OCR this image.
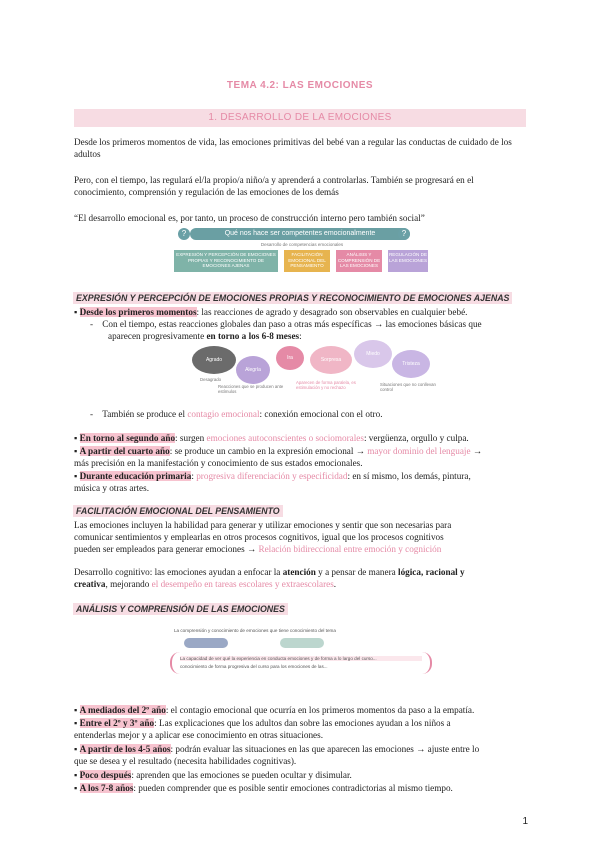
TEMA 4.2: LAS EMOCIONES
1. DESARROLLO DE LA EMOCIONES

Desde los primeros momentos de vida, las emociones primitivas del bebé van a regular las conductas de cuidado de los adultos

Pero, con el tiempo, las regulará el/la propio/a niño/a y aprenderá a controlarlas. También se progresará en el conocimiento, comprensión y regulación de las emociones de los demás

“El desarrollo emocional es, por tanto, un proceso de construcción interno pero también social”

?	Qué nos hace ser competentes emocionalmente	?
Desarrollo de competencias emocionales
EXPRESIÓN Y PERCEPCIÓN DE EMOCIONES PROPIAS Y RECONOCIMIENTO DE EMOCIONES AJENAS
FACILITACIÓN EMOCIONAL DEL PENSAMIENTO
ANÁLISIS Y COMPRENSIÓN DE LAS EMOCIONES
REGULACIÓN DE LAS EMOCIONES
EXPRESIÓN Y PERCEPCIÓN DE EMOCIONES PROPIAS Y RECONOCIMIENTO DE EMOCIONES AJENAS

▪ Desde los primeros momentos: las reacciones de agrado y desagrado son observables en cualquier bebé.

-    Con el tiempo, estas reacciones globales dan paso a otras más específicas → las emociones básicas que

aparecen progresivamente en torno a los 6-8 meses:

Agrado
Alegría
Ira	Sorpresa
Miedo
Tristeza
Desagrado
Reacciones que se producen ante estímulos
Aparecen de forma paralela, es estimulación y no rechazo
Situaciones que no conllevan control

-    También se produce el contagio emocional: conexión emocional con el otro.

▪ En torno al segundo año: surgen emociones autoconscientes o sociomorales: vergüenza, orgullo y culpa.

▪ A partir del cuarto año: se produce un cambio en la expresión emocional → mayor dominio del lenguaje →

más precisión en la manifestación y conocimiento de sus estados emocionales.

▪ Durante educación primaria: progresiva diferenciación y especificidad: en sí mismo, los demás, pintura,

música y otras artes.

FACILITACIÓN EMOCIONAL DEL PENSAMIENTO

Las emociones incluyen la habilidad para generar y utilizar emociones y sentir que son necesarias para

comunicar sentimientos y emplearlas en otros procesos cognitivos, igual que los procesos cognitivos

pueden ser empleados para generar emociones → Relación bidireccional entre emoción y cognición

Desarrollo cognitivo: las emociones ayudan a enfocar la atención y a pensar de manera lógica, racional y

creativa, mejorando el desempeño en tareas escolares y extraescolares.

ANÁLISIS Y COMPRENSIÓN DE LAS EMOCIONES
La comprensión y conocimiento de emociones que tiene conocimiento del tema
La capacidad de ver qué la experiencia en conducta emociones y de forma a lo largo del curso...
conocimiento de forma progresiva del curso para los emociones de las...

▪ A mediados del 2º año: el contagio emocional que ocurría en los primeros momentos da paso a la empatía.

▪ Entre el 2º y 3º año: Las explicaciones que los adultos dan sobre las emociones ayudan a los niños a

entenderlas mejor y a aplicar ese conocimiento en otras situaciones.

▪ A partir de los 4-5 años: podrán evaluar las situaciones en las que aparecen las emociones → ajuste entre lo

que se desea y el resultado (necesita habilidades cognitivas).

▪ Poco después: aprenden que las emociones se pueden ocultar y disimular.

▪ A los 7-8 años: pueden comprender que es posible sentir emociones contradictorias al mismo tiempo.

1
